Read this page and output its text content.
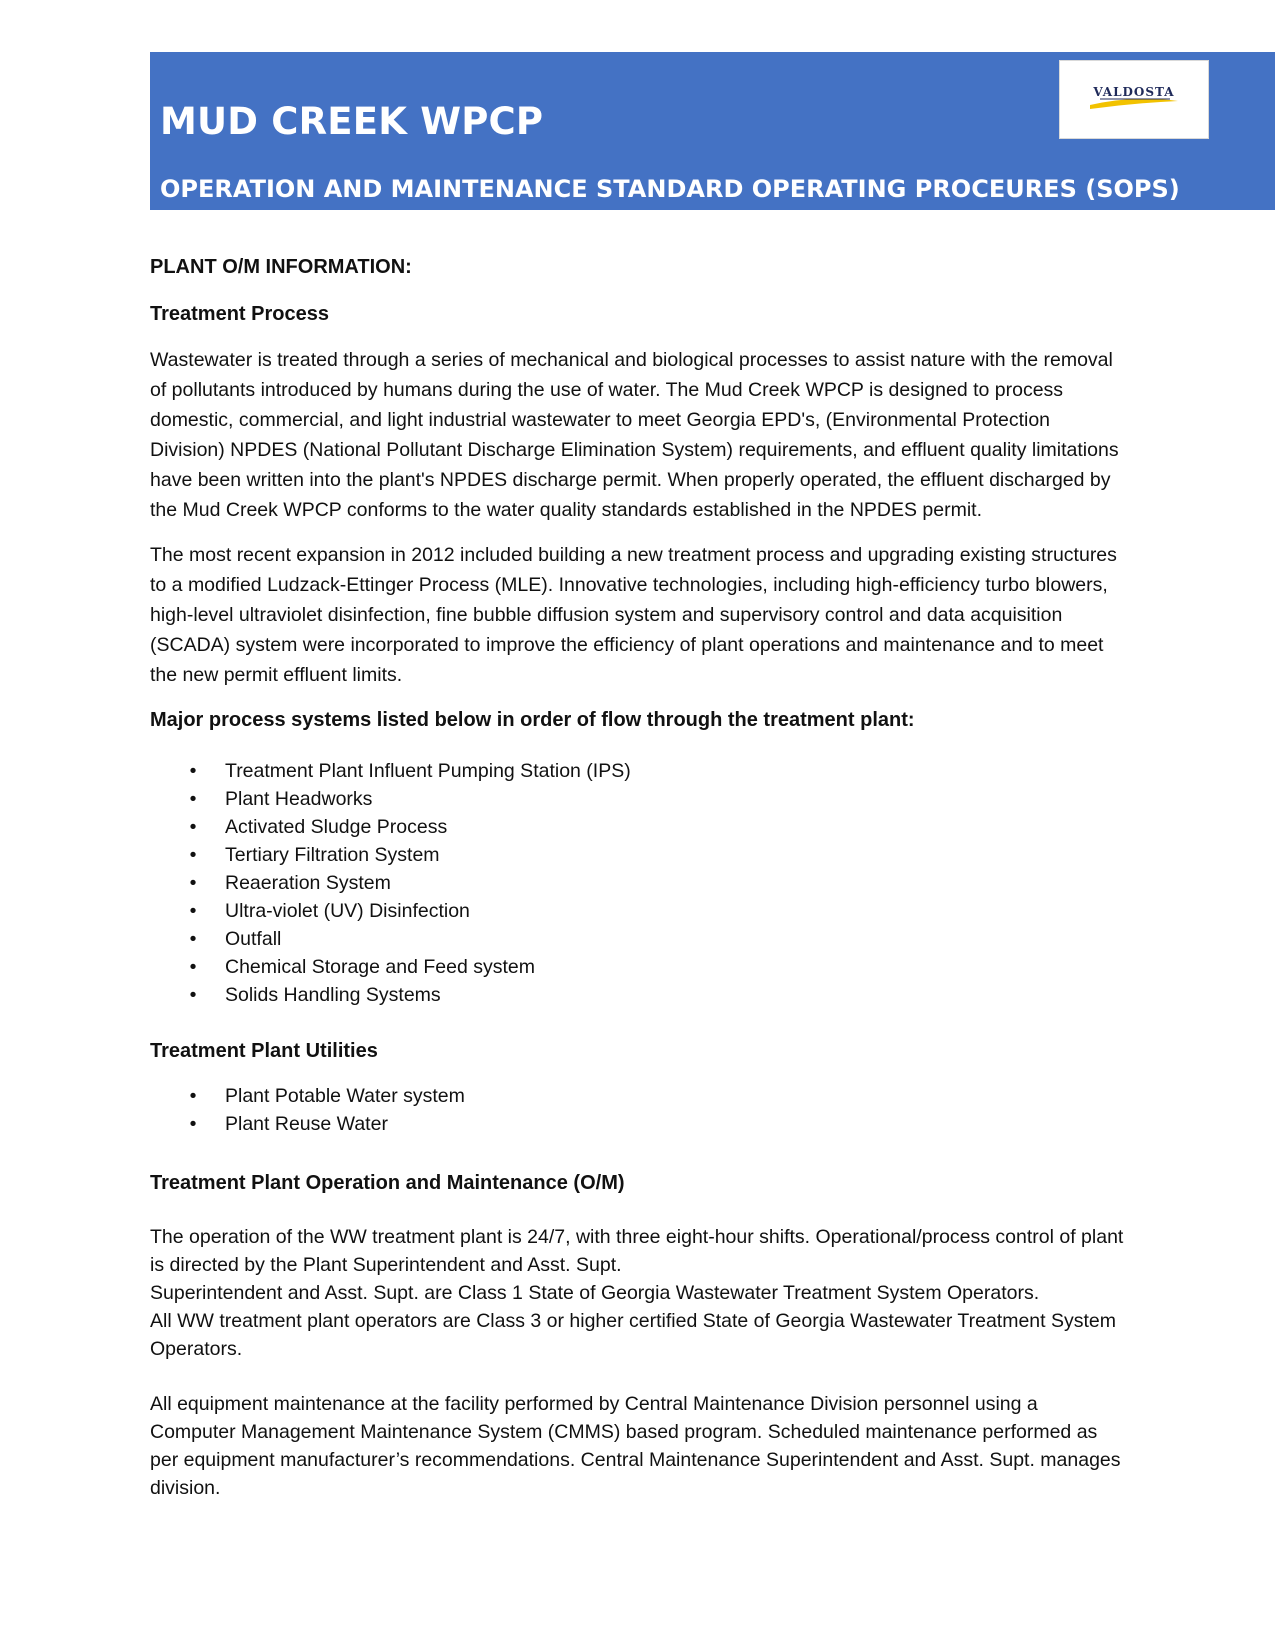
MUD CREEK WPCP
OPERATION AND MAINTENANCE STANDARD OPERATING PROCEURES (SOPS)
VALDOSTA
PLANT O/M INFORMATION:
Treatment Process

Wastewater is treated through a series of mechanical and biological processes to assist nature with the removal of pollutants introduced by humans during the use of water. The Mud Creek WPCP is designed to process domestic, commercial, and light industrial wastewater to meet Georgia EPD's, (Environmental Protection Division) NPDES (National Pollutant Discharge Elimination System) requirements, and effluent quality limitations have been written into the plant's NPDES discharge permit. When properly operated, the effluent discharged by the Mud Creek WPCP conforms to the water quality standards established in the NPDES permit.

The most recent expansion in 2012 included building a new treatment process and upgrading existing structures to a modified Ludzack-Ettinger Process (MLE). Innovative technologies, including high-efficiency turbo blowers, high-level ultraviolet disinfection, fine bubble diffusion system and supervisory control and data acquisition (SCADA) system were incorporated to improve the efficiency of plant operations and maintenance and to meet the new permit effluent limits.

Major process systems listed below in order of flow through the treatment plant:
• Treatment Plant Influent Pumping Station (IPS)
• Plant Headworks
• Activated Sludge Process
• Tertiary Filtration System
• Reaeration System
• Ultra-violet (UV) Disinfection
• Outfall
• Chemical Storage and Feed system
• Solids Handling Systems
Treatment Plant Utilities
• Plant Potable Water system
• Plant Reuse Water
Treatment Plant Operation and Maintenance (O/M)
The operation of the WW treatment plant is 24/7, with three eight-hour shifts. Operational/process control of plant is directed by the Plant Superintendent and Asst. Supt.
Superintendent and Asst. Supt. are Class 1 State of Georgia Wastewater Treatment System Operators.
All WW treatment plant operators are Class 3 or higher certified State of Georgia Wastewater Treatment System Operators.

All equipment maintenance at the facility performed by Central Maintenance Division personnel using a Computer Management Maintenance System (CMMS) based program. Scheduled maintenance performed as per equipment manufacturer’s recommendations. Central Maintenance Superintendent and Asst. Supt. manages division.
